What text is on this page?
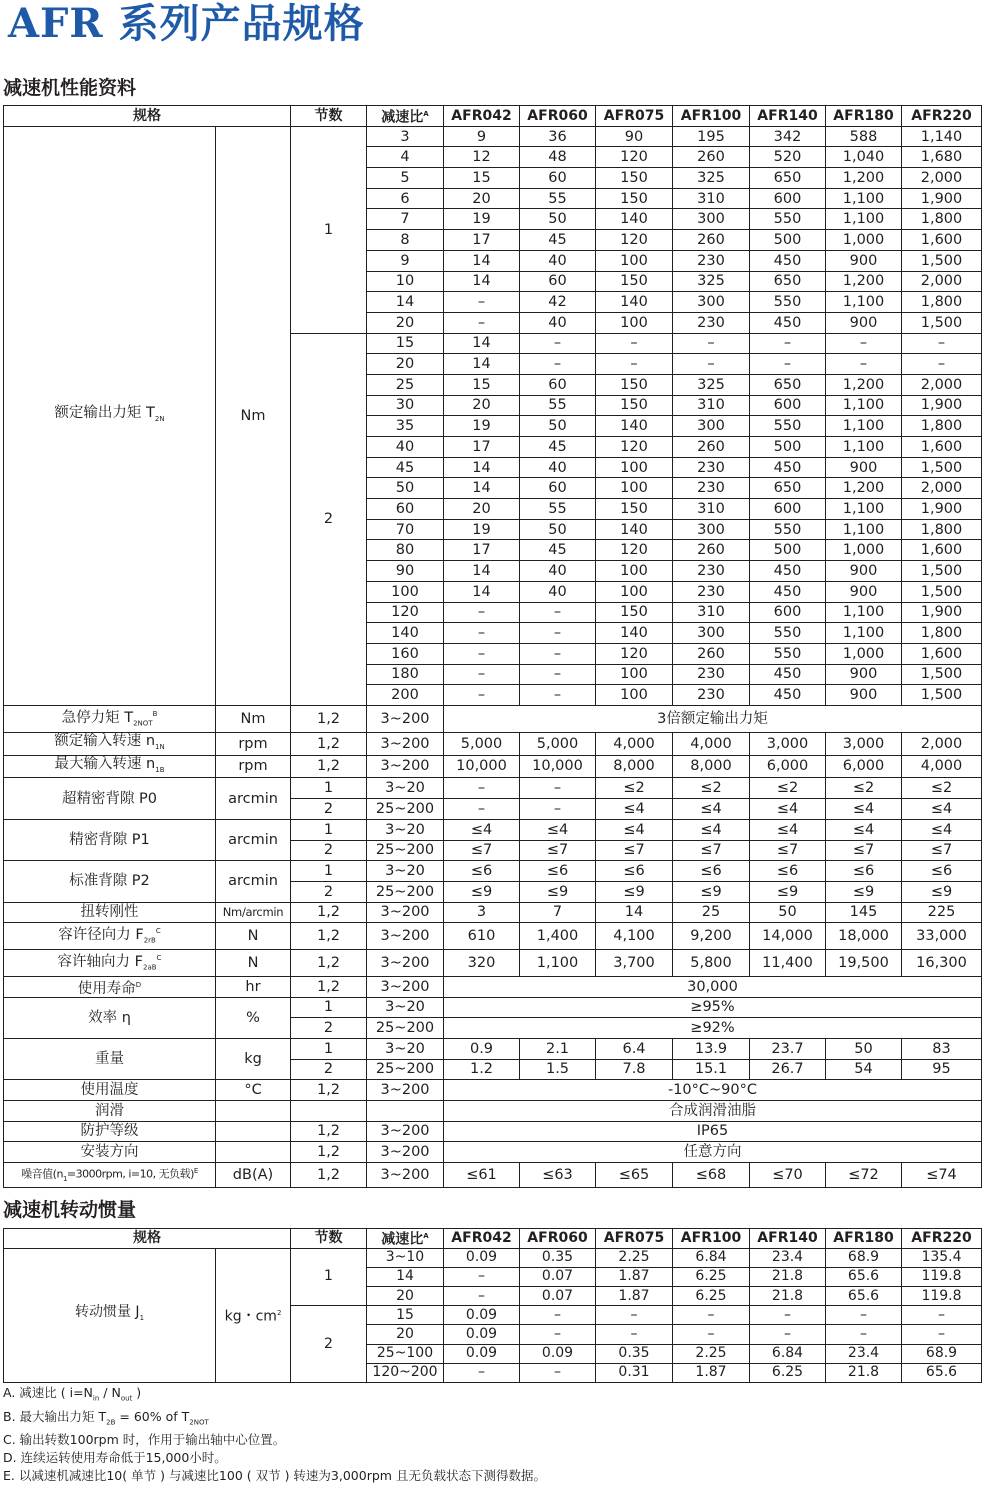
AFR 系列产品规格
减速机性能资料
规格		节数	减速比$^A$	AFR042	AFR060	AFR075	AFR100	AFR140	AFR180	AFR220
额定输出力矩 $T_{2N}$	Nm	1	3	9	36	90	195	342	588	1,140
			4	12	48	120	260	520	1,040	1,680
			5	15	60	150	325	650	1,200	2,000
			6	20	55	150	310	600	1,100	1,900
			7	19	50	140	300	550	1,100	1,800
			8	17	45	120	260	500	1,000	1,600
			9	14	40	100	230	450	900	1,500
			10	14	60	150	325	650	1,200	2,000
			14	–	42	140	300	550	1,100	1,800
			20	–	40	100	230	450	900	1,500
		2	15	14	–	–	–	–	–	–
			20	14	–	–	–	–	–	–
			25	15	60	150	325	650	1,200	2,000
			30	20	55	150	310	600	1,100	1,900
			35	19	50	140	300	550	1,100	1,800
			40	17	45	120	260	500	1,100	1,600
			45	14	40	100	230	450	900	1,500
			50	14	60	100	230	650	1,200	2,000
			60	20	55	150	310	600	1,100	1,900
			70	19	50	140	300	550	1,100	1,800
			80	17	45	120	260	500	1,000	1,600
			90	14	40	100	230	450	900	1,500
			100	14	40	100	230	450	900	1,500
			120	–	–	150	310	600	1,100	1,900
			140	–	–	140	300	550	1,100	1,800
			160	–	–	120	260	550	1,000	1,600
			180	–	–	100	230	450	900	1,500
			200	–	–	100	230	450	900	1,500
急停力矩 $T_{2NOT}^B$	Nm	1,2	3~200	3倍额定输出力矩						
额定输入转速 $n_{1N}$	rpm	1,2	3~200	5,000	5,000	4,000	4,000	3,000	3,000	2,000
最大输入转速 $n_{1B}$	rpm	1,2	3~200	10,000	10,000	8,000	8,000	6,000	6,000	4,000
超精密背隙 P0	arcmin	1	3~20	–	–	≤2	≤2	≤2	≤2	≤2
		2	25~200	–	–	≤4	≤4	≤4	≤4	≤4
精密背隙 P1	arcmin	1	3~20	≤4	≤4	≤4	≤4	≤4	≤4	≤4
		2	25~200	≤7	≤7	≤7	≤7	≤7	≤7	≤7
标准背隙 P2	arcmin	1	3~20	≤6	≤6	≤6	≤6	≤6	≤6	≤6
		2	25~200	≤9	≤9	≤9	≤9	≤9	≤9	≤9
扭转刚性	Nm/arcmin	1,2	3~200	3	7	14	25	50	145	225
容许径向力 $F_{2rB}^C$	N	1,2	3~200	610	1,400	4,100	9,200	14,000	18,000	33,000
容许轴向力 $F_{2aB}^C$	N	1,2	3~200	320	1,100	3,700	5,800	11,400	19,500	16,300
使用寿命$^D$	hr	1,2	3~200	30,000						
效率 η	%	1	3~20	≥95%						
		2	25~200	≥92%						
重量	kg	1	3~20	0.9	2.1	6.4	13.9	23.7	50	83
		2	25~200	1.2	1.5	7.8	15.1	26.7	54	95
使用温度	°C	1,2	3~200	-10°C~90°C						
润滑				合成润滑油脂						
防护等级		1,2	3~200	IP65						
安装方向		1,2	3~200	任意方向						
噪音值($n_1=3000rpm$, i=10, 无负载)$^E$	dB(A)	1,2	3~200	≤61	≤63	≤65	≤68	≤70	≤72	≤74
减速机转动惯量
规格		节数	减速比$^A$	AFR042	AFR060	AFR075	AFR100	AFR140	AFR180	AFR220
转动惯量 $J_1$	kg・$cm^2$	1	3~10	0.09	0.35	2.25	6.84	23.4	68.9	135.4
			14	–	0.07	1.87	6.25	21.8	65.6	119.8
			20	–	0.07	1.87	6.25	21.8	65.6	119.8
		2	15	0.09	–	–	–	–	–	–
			20	0.09	–	–	–	–	–	–
			25~100	0.09	0.09	0.35	2.25	6.84	23.4	68.9
			120~200	–	–	0.31	1.87	6.25	21.8	65.6
A. 减速比 ( $i=N_{in} / N_{out}$ )
B. 最大输出力矩 $T_{2B} = 60\%$ of $T_{2NOT}$
C. 输出转数100rpm 时，作用于输出轴中心位置。
D. 连续运转使用寿命低于15,000小时。
E. 以减速机减速比10( 单节 ) 与减速比100 ( 双节 ) 转速为3,000rpm 且无负载状态下测得数据。
